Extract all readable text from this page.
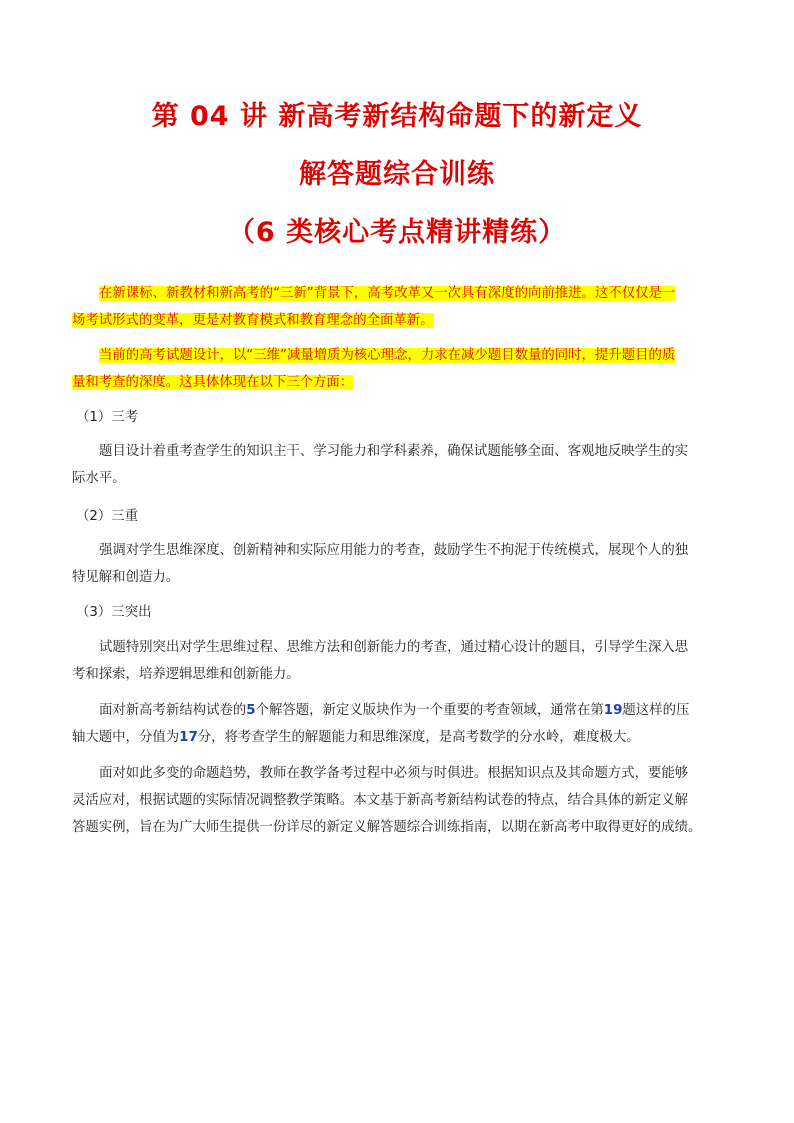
第 04 讲 新高考新结构命题下的新定义
解答题综合训练
（6 类核心考点精讲精练）
在新课标、新教材和新高考的“三新”背景下，高考改革又一次具有深度的向前推进。这不仅仅是一
场考试形式的变革，更是对教育模式和教育理念的全面革新。
当前的高考试题设计，以“三维”减量增质为核心理念，力求在减少题目数量的同时，提升题目的质
量和考查的深度。这具体体现在以下三个方面：
（1）三考
题目设计着重考查学生的知识主干、学习能力和学科素养，确保试题能够全面、客观地反映学生的实
际水平。
（2）三重
强调对学生思维深度、创新精神和实际应用能力的考查，鼓励学生不拘泥于传统模式，展现个人的独
特见解和创造力。
（3）三突出
试题特别突出对学生思维过程、思维方法和创新能力的考查，通过精心设计的题目，引导学生深入思
考和探索，培养逻辑思维和创新能力。
面对新高考新结构试卷的5个解答题，新定义版块作为一个重要的考查领域，通常在第19题这样的压
轴大题中，分值为17分，将考查学生的解题能力和思维深度，是高考数学的分水岭，难度极大。
面对如此多变的命题趋势，教师在教学备考过程中必须与时俱进。根据知识点及其命题方式，要能够
灵活应对，根据试题的实际情况调整教学策略。本文基于新高考新结构试卷的特点，结合具体的新定义解
答题实例，旨在为广大师生提供一份详尽的新定义解答题综合训练指南，以期在新高考中取得更好的成绩。
